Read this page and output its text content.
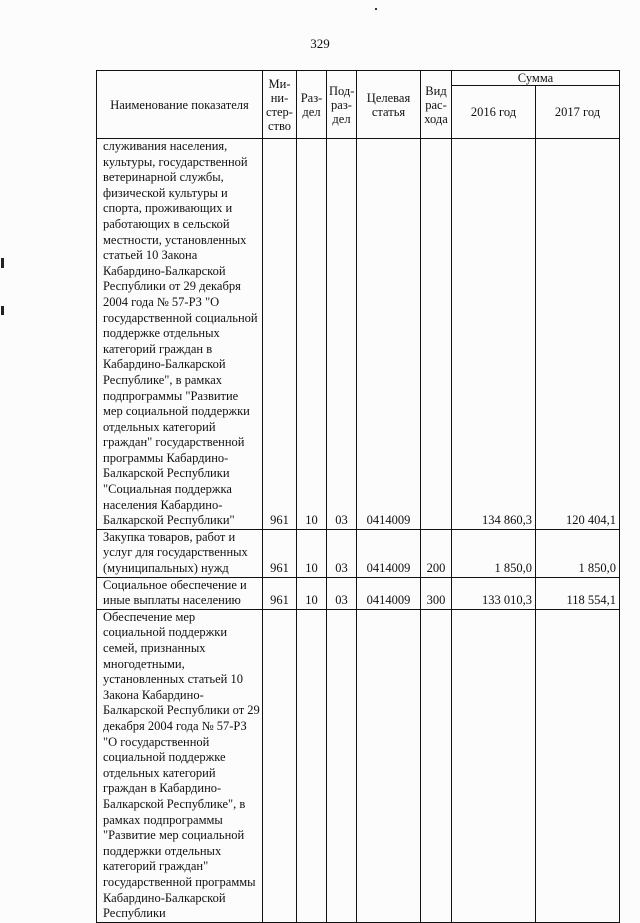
329
Наименование показателя	Ми- ни- стер- ство	Раз- дел	Под- раз- дел	Целевая статья	Вид рас- хода	Сумма	
						2016 год	2017 год
служивания населения, культуры, государственной ветеринарной службы, физической культуры и спорта, проживающих и работающих в сельской местности, установленных статьей 10 Закона Кабардино-Балкарской Республики от 29 декабря 2004 года № 57-РЗ "О государственной социальной поддержке отдельных категорий граждан в Кабардино-Балкарской Республике", в рамках подпрограммы "Развитие мер социальной поддержки отдельных категорий граждан" государственной программы Кабардино-Балкарской Республики "Социальная поддержка населения Кабардино-Балкарской Республики"	961	10	03	0414009		134 860,3	120 404,1
Закупка товаров, работ и услуг для государственных (муниципальных) нужд	961	10	03	0414009	200	1 850,0	1 850,0
Социальное обеспечение и иные выплаты населению	961	10	03	0414009	300	133 010,3	118 554,1
Обеспечение мер социальной поддержки семей, признанных многодетными, установленных статьей 10 Закона Кабардино-Балкарской Республики от 29 декабря 2004 года № 57-РЗ "О государственной социальной поддержке отдельных категорий граждан в Кабардино-Балкарской Республике", в рамках подпрограммы "Развитие мер социальной поддержки отдельных категорий граждан" государственной программы Кабардино-Балкарской Республики							
